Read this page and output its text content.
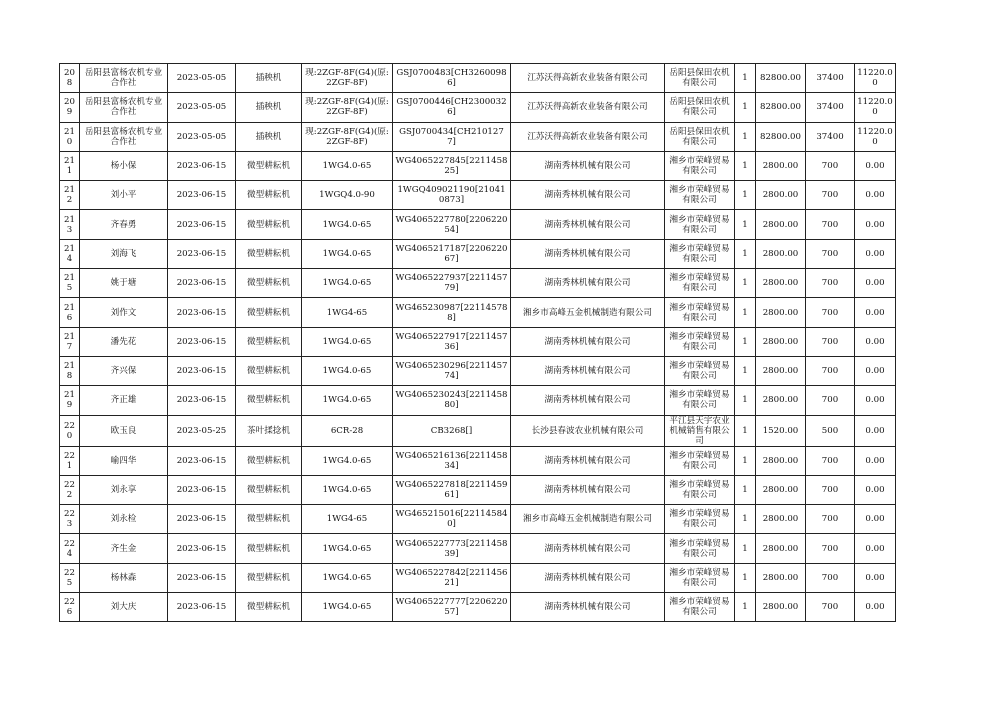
208	岳阳县富杨农机专业合作社	2023-05-05	插秧机	现:2ZGF-8F(G4)(原:2ZGF-8F)	GSJ0700483[CH32600986]	江苏沃得高新农业装备有限公司	岳阳县保田农机有限公司	1	82800.00	37400	11220.00
209	岳阳县富杨农机专业合作社	2023-05-05	插秧机	现:2ZGF-8F(G4)(原:2ZGF-8F)	GSJ0700446[CH23000326]	江苏沃得高新农业装备有限公司	岳阳县保田农机有限公司	1	82800.00	37400	11220.00
210	岳阳县富杨农机专业合作社	2023-05-05	插秧机	现:2ZGF-8F(G4)(原:2ZGF-8F)	GSJ0700434[CH2101277]	江苏沃得高新农业装备有限公司	岳阳县保田农机有限公司	1	82800.00	37400	11220.00
211	杨小保	2023-06-15	微型耕耘机	1WG4.0-65	WG4065227845[221145825]	湖南秀林机械有限公司	湘乡市荣峰贸易有限公司	1	2800.00	700	0.00
212	刘小平	2023-06-15	微型耕耘机	1WGQ4.0-90	1WGQ409021190[210410873]	湖南秀林机械有限公司	湘乡市荣峰贸易有限公司	1	2800.00	700	0.00
213	齐春勇	2023-06-15	微型耕耘机	1WG4.0-65	WG4065227780[220622054]	湖南秀林机械有限公司	湘乡市荣峰贸易有限公司	1	2800.00	700	0.00
214	刘海飞	2023-06-15	微型耕耘机	1WG4.0-65	WG4065217187[220622067]	湖南秀林机械有限公司	湘乡市荣峰贸易有限公司	1	2800.00	700	0.00
215	姚于塘	2023-06-15	微型耕耘机	1WG4.0-65	WG4065227937[221145779]	湖南秀林机械有限公司	湘乡市荣峰贸易有限公司	1	2800.00	700	0.00
216	刘作文	2023-06-15	微型耕耘机	1WG4-65	WG465230987[221145788]	湘乡市高峰五金机械制造有限公司	湘乡市荣峰贸易有限公司	1	2800.00	700	0.00
217	潘先花	2023-06-15	微型耕耘机	1WG4.0-65	WG4065227917[221145736]	湖南秀林机械有限公司	湘乡市荣峰贸易有限公司	1	2800.00	700	0.00
218	齐兴保	2023-06-15	微型耕耘机	1WG4.0-65	WG4065230296[221145774]	湖南秀林机械有限公司	湘乡市荣峰贸易有限公司	1	2800.00	700	0.00
219	齐正雄	2023-06-15	微型耕耘机	1WG4.0-65	WG4065230243[221145880]	湖南秀林机械有限公司	湘乡市荣峰贸易有限公司	1	2800.00	700	0.00
220	欧玉良	2023-05-25	茶叶揉捻机	6CR-28	CB3268[]	长沙县春波农业机械有限公司	平江县天宇农业机械销售有限公司	1	1520.00	500	0.00
221	喻四华	2023-06-15	微型耕耘机	1WG4.0-65	WG4065216136[221145834]	湖南秀林机械有限公司	湘乡市荣峰贸易有限公司	1	2800.00	700	0.00
222	刘永享	2023-06-15	微型耕耘机	1WG4.0-65	WG4065227818[221145961]	湖南秀林机械有限公司	湘乡市荣峰贸易有限公司	1	2800.00	700	0.00
223	刘永检	2023-06-15	微型耕耘机	1WG4-65	WG465215016[221145840]	湘乡市高峰五金机械制造有限公司	湘乡市荣峰贸易有限公司	1	2800.00	700	0.00
224	齐生金	2023-06-15	微型耕耘机	1WG4.0-65	WG4065227773[221145839]	湖南秀林机械有限公司	湘乡市荣峰贸易有限公司	1	2800.00	700	0.00
225	杨林森	2023-06-15	微型耕耘机	1WG4.0-65	WG4065227842[221145621]	湖南秀林机械有限公司	湘乡市荣峰贸易有限公司	1	2800.00	700	0.00
226	刘大庆	2023-06-15	微型耕耘机	1WG4.0-65	WG4065227777[220622057]	湖南秀林机械有限公司	湘乡市荣峰贸易有限公司	1	2800.00	700	0.00
